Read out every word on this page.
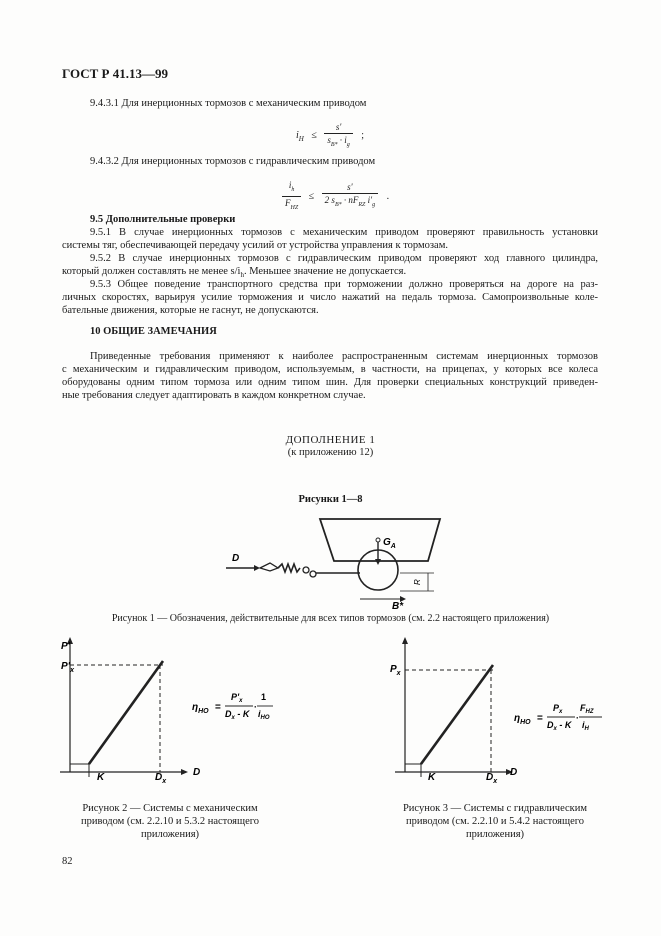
ГОСТ Р 41.13—99
9.4.3.1 Для инерционных тормозов с механическим приводом
$i_H \le \frac{s'}{s_{B*} \cdot i_g}$ ;
9.4.3.2 Для инерционных тормозов с гидравлическим приводом
$\frac{i_h}{F_{HZ}} \le \frac{s'}{2 s_{B*} \cdot nF_{RZ} i'_g}$ .
9.5 Дополнительные проверки
9.5.1 В случае инерционных тормозов с механическим приводом проверяют правильность установки
системы тяг, обеспечивающей передачу усилий от устройства управления к тормозам.
9.5.2 В случае инерционных тормозов с гидравлическим приводом проверяют ход главного цилиндра,
который должен составлять не менее $s/i_h$. Меньшее значение не допускается.
9.5.3 Общее поведение транспортного средства при торможении должно проверяться на дороге на раз-
личных скоростях, варьируя усилие торможения и число нажатий на педаль тормоза. Самопроизвольные коле-
бательные движения, которые не гаснут, не допускаются.
10 ОБЩИЕ ЗАМЕЧАНИЯ
Приведенные требования применяют к наиболее распространенным системам инерционных тормозов
с механическим и гидравлическим приводом, используемым, в частности, на прицепах, у которых все колеса
оборудованы одним типом тормоза или одним типом шин. Для проверки специальных конструкций приведен-
ные требования следует адаптировать в каждом конкретном случае.
ДОПОЛНЕНИЕ 1
(к приложению 12)
Рисунки 1—8
D
$G_A$
B*
R
Рисунок 1 — Обозначения, действительные для всех типов тормозов (см. 2.2 настоящего приложения)
P'
$P'_x$
K	$D_x$
D
$\eta_{HO}$ =
$P'_x$
$D_x$ - K
·
1
$i_{HO}$
$P_x$
K	$D_x$
D
$\eta_{HO}$ =
$P_x$
$D_x$ - K
·
$F_{HZ}$
$i_H$
Рисунок 2 — Системы с механическим
приводом (см. 2.2.10 и 5.3.2 настоящего
приложения)
Рисунок 3 — Системы с гидравлическим
приводом (см. 2.2.10 и 5.4.2 настоящего
приложения)
82
